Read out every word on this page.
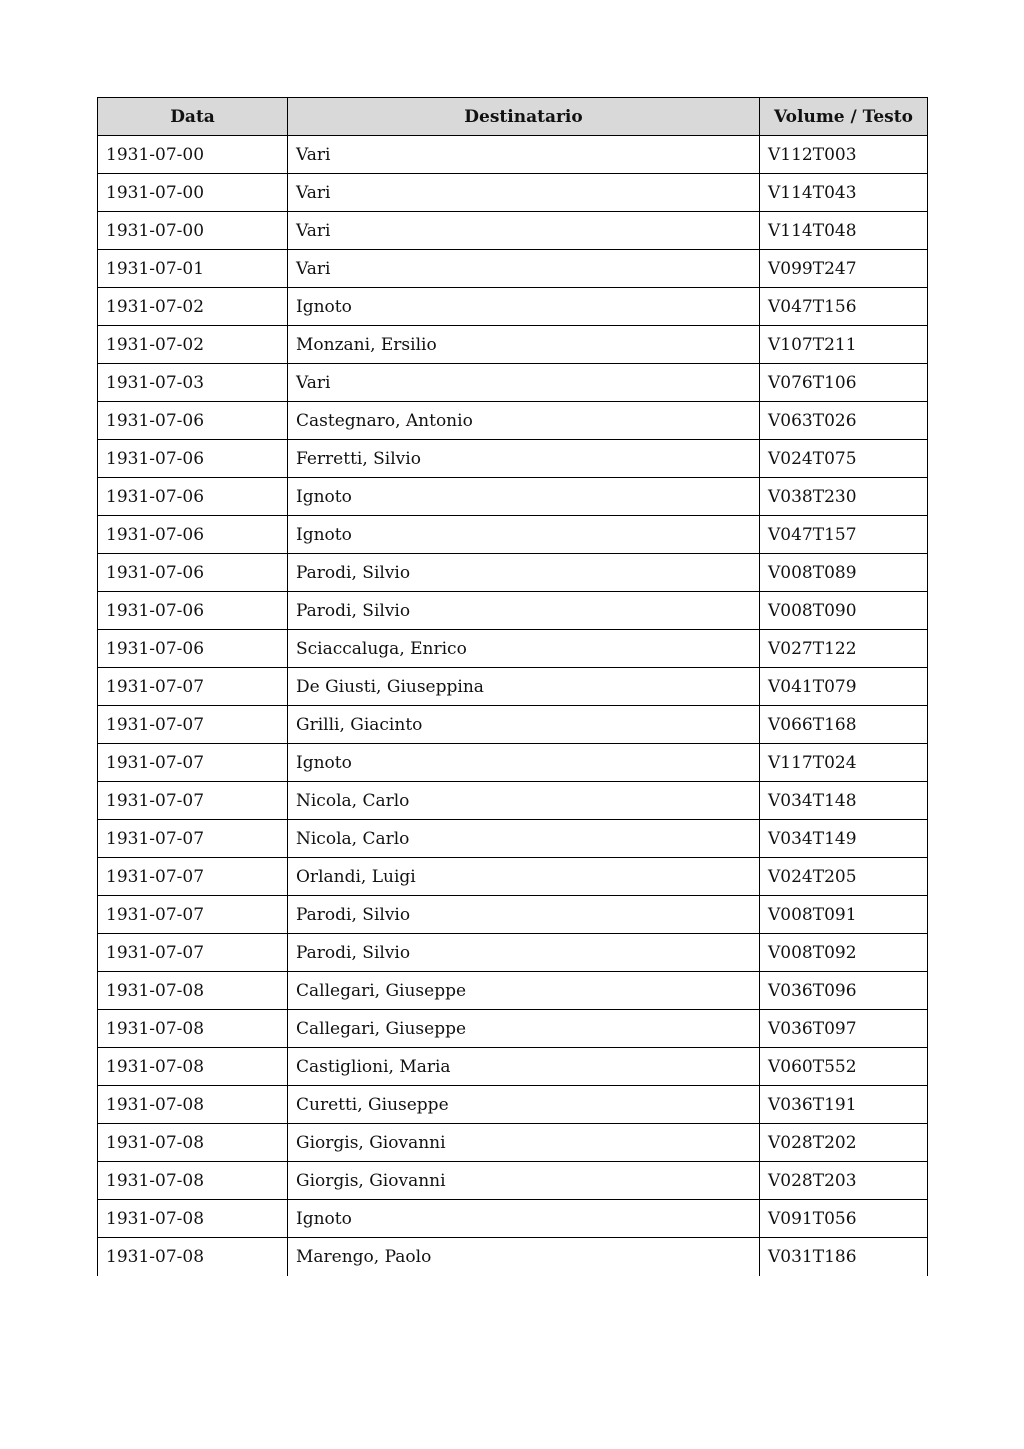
Data	Destinatario	Volume / Testo
1931-07-00	Vari	V112T003
1931-07-00	Vari	V114T043
1931-07-00	Vari	V114T048
1931-07-01	Vari	V099T247
1931-07-02	Ignoto	V047T156
1931-07-02	Monzani, Ersilio	V107T211
1931-07-03	Vari	V076T106
1931-07-06	Castegnaro, Antonio	V063T026
1931-07-06	Ferretti, Silvio	V024T075
1931-07-06	Ignoto	V038T230
1931-07-06	Ignoto	V047T157
1931-07-06	Parodi, Silvio	V008T089
1931-07-06	Parodi, Silvio	V008T090
1931-07-06	Sciaccaluga, Enrico	V027T122
1931-07-07	De Giusti, Giuseppina	V041T079
1931-07-07	Grilli, Giacinto	V066T168
1931-07-07	Ignoto	V117T024
1931-07-07	Nicola, Carlo	V034T148
1931-07-07	Nicola, Carlo	V034T149
1931-07-07	Orlandi, Luigi	V024T205
1931-07-07	Parodi, Silvio	V008T091
1931-07-07	Parodi, Silvio	V008T092
1931-07-08	Callegari, Giuseppe	V036T096
1931-07-08	Callegari, Giuseppe	V036T097
1931-07-08	Castiglioni, Maria	V060T552
1931-07-08	Curetti, Giuseppe	V036T191
1931-07-08	Giorgis, Giovanni	V028T202
1931-07-08	Giorgis, Giovanni	V028T203
1931-07-08	Ignoto	V091T056
1931-07-08	Marengo, Paolo	V031T186
